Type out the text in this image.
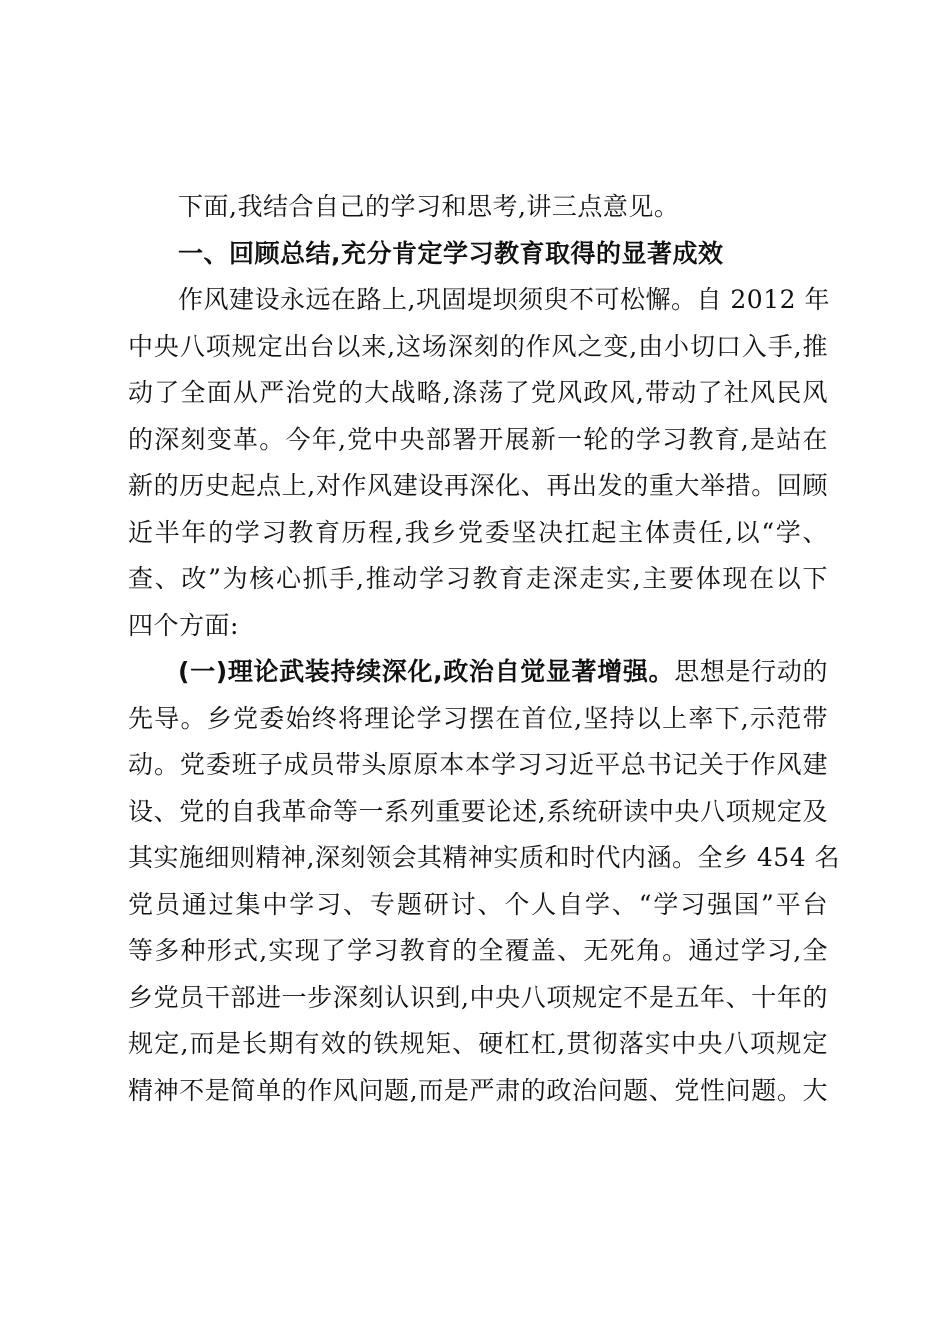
下面,我结合自己的学习和思考,讲三点意见。
一、回顾总结,充分肯定学习教育取得的显著成效
作风建设永远在路上,巩固堤坝须臾不可松懈。自 2012 年
中央八项规定出台以来,这场深刻的作风之变,由小切口入手,推
动了全面从严治党的大战略,涤荡了党风政风,带动了社风民风
的深刻变革。今年,党中央部署开展新一轮的学习教育,是站在
新的历史起点上,对作风建设再深化、再出发的重大举措。回顾
近半年的学习教育历程,我乡党委坚决扛起主体责任,以“学、
查、改”为核心抓手,推动学习教育走深走实,主要体现在以下
四个方面:
(一)理论武装持续深化,政治自觉显著增强。思想是行动的
先导。乡党委始终将理论学习摆在首位,坚持以上率下,示范带
动。党委班子成员带头原原本本学习习近平总书记关于作风建
设、党的自我革命等一系列重要论述,系统研读中央八项规定及
其实施细则精神,深刻领会其精神实质和时代内涵。全乡 454 名
党员通过集中学习、专题研讨、个人自学、“学习强国”平台
等多种形式,实现了学习教育的全覆盖、无死角。通过学习,全
乡党员干部进一步深刻认识到,中央八项规定不是五年、十年的
规定,而是长期有效的铁规矩、硬杠杠,贯彻落实中央八项规定
精神不是简单的作风问题,而是严肃的政治问题、党性问题。大
